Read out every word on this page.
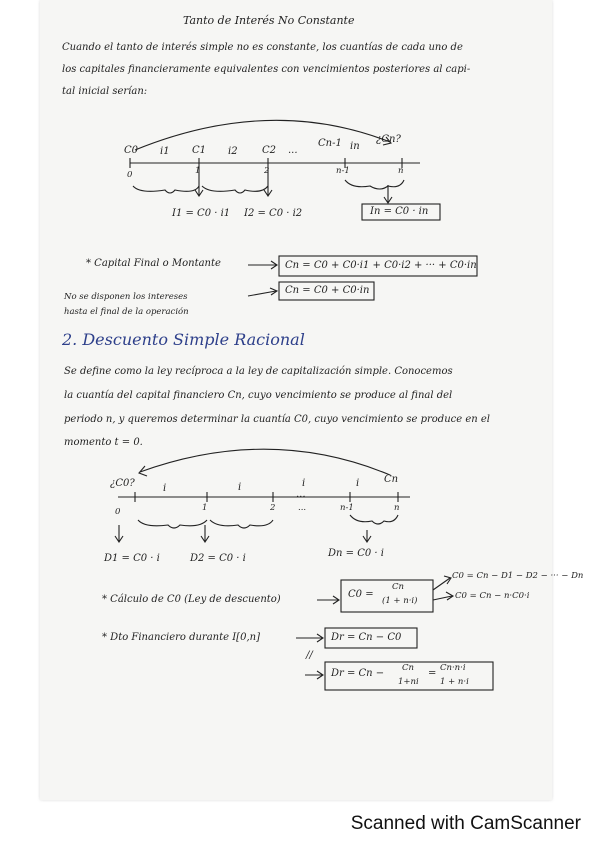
Tanto de Interés No Constante
Cuando el tanto de interés simple no es constante, los cuantías de cada uno de
los capitales financieramente equivalentes con vencimientos posteriores al capi-
tal inicial serían:
C0 i1 C1 i2 C2 ...
Cn-1 in
¿Cn?
0	1	2	n-1	n
I1 = C0 · i1 I2 = C0 · i2	In = C0 · in
* Capital Final o Montante	Cn = C0 + C0·i1 + C0·i2 + ··· + C0·in
Cn = C0 + C0·in
No se disponen los intereses
hasta el final de la operación
2. Descuento Simple Racional
Se define como la ley recíproca a la ley de capitalización simple. Conocemos
la cuantía del capital financiero Cn, cuyo vencimiento se produce al final del
periodo n, y queremos determinar la cuantía C0, cuyo vencimiento se produce en el
momento t = 0.
¿C0?	i	i	i
...
i Cn
0	1	2	...	n-1	n
D1 = C0 · i	D2 = C0 · i	Dn = C0 · i
* Cálculo de C0 (Ley de descuento)	C0 =
Cn
(1 + n·i)
C0 = Cn − D1 − D2 − ··· − Dn
C0 = Cn − n·C0·i
* Dto Financiero durante I[0,n]
//
Dr = Cn − C0
Dr = Cn − Cn
1+ni
= Cn·n·i
1 + n·i
Scanned with CamScanner
